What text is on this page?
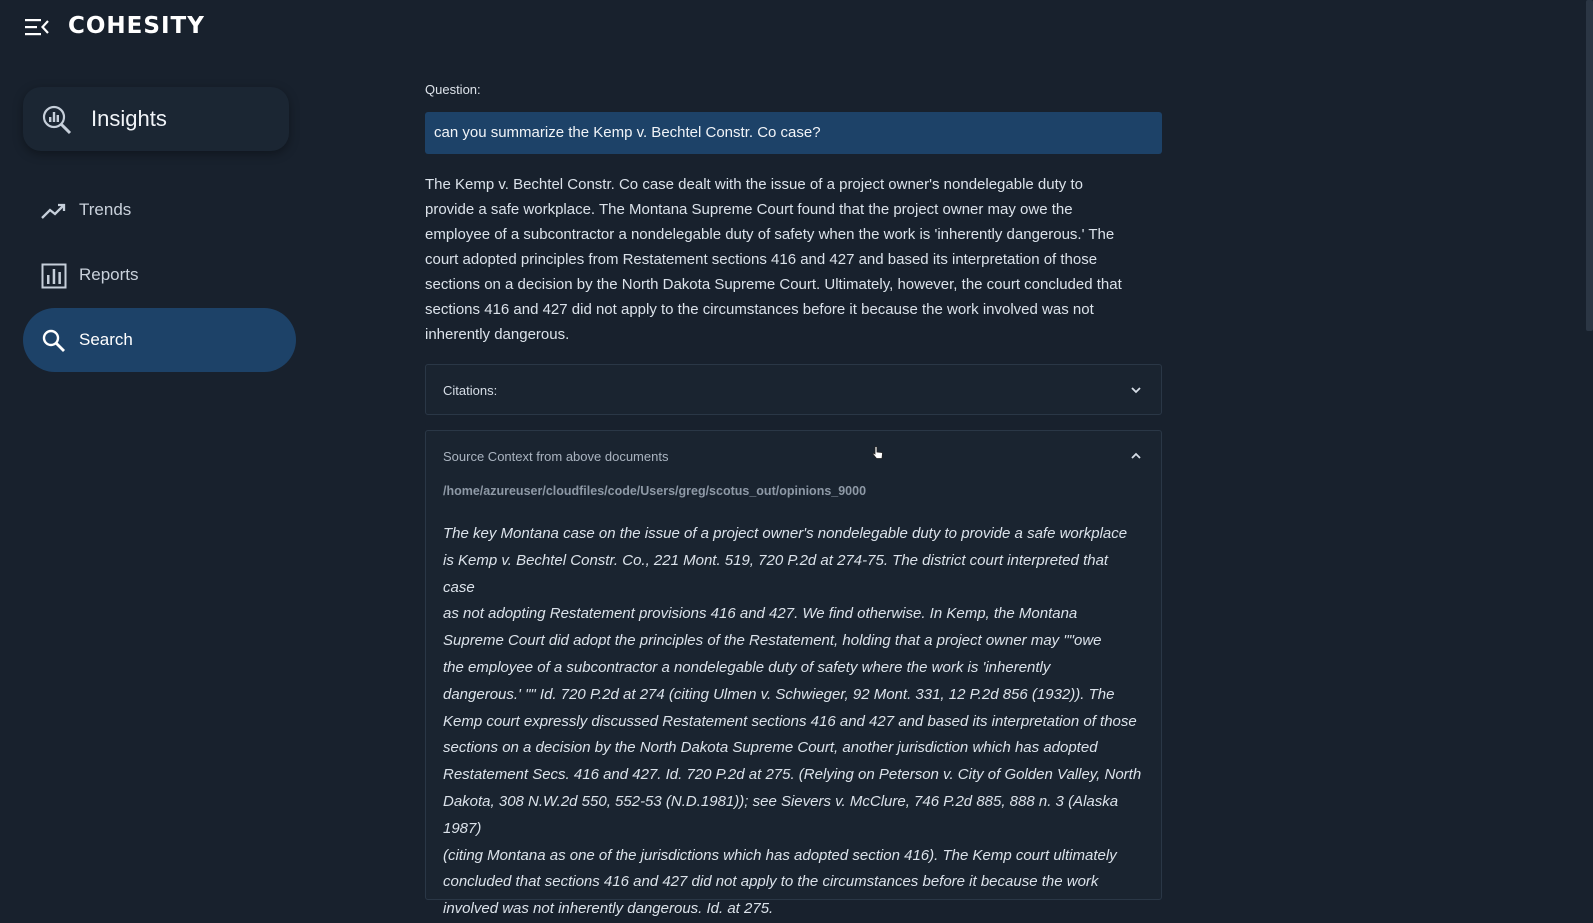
COHESITY
Insights
Trends
Reports
Search
Question:
can you summarize the Kemp v. Bechtel Constr. Co case?
The Kemp v. Bechtel Constr. Co case dealt with the issue of a project owner's nondelegable duty to
provide a safe workplace. The Montana Supreme Court found that the project owner may owe the
employee of a subcontractor a nondelegable duty of safety when the work is 'inherently dangerous.' The
court adopted principles from Restatement sections 416 and 427 and based its interpretation of those
sections on a decision by the North Dakota Supreme Court. Ultimately, however, the court concluded that
sections 416 and 427 did not apply to the circumstances before it because the work involved was not
inherently dangerous.
Citations:
Source Context from above documents
/home/azureuser/cloudfiles/code/Users/greg/scotus_out/opinions_9000
The key Montana case on the issue of a project owner's nondelegable duty to provide a safe workplace
is Kemp v. Bechtel Constr. Co., 221 Mont. 519, 720 P.2d at 274-75. The district court interpreted that case
as not adopting Restatement provisions 416 and 427. We find otherwise. In Kemp, the Montana
Supreme Court did adopt the principles of the Restatement, holding that a project owner may ""owe
the employee of a subcontractor a nondelegable duty of safety where the work is 'inherently
dangerous.' "" Id. 720 P.2d at 274 (citing Ulmen v. Schwieger, 92 Mont. 331, 12 P.2d 856 (1932)). The
Kemp court expressly discussed Restatement sections 416 and 427 and based its interpretation of those
sections on a decision by the North Dakota Supreme Court, another jurisdiction which has adopted
Restatement Secs. 416 and 427. Id. 720 P.2d at 275. (Relying on Peterson v. City of Golden Valley, North
Dakota, 308 N.W.2d 550, 552-53 (N.D.1981)); see Sievers v. McClure, 746 P.2d 885, 888 n. 3 (Alaska 1987)
(citing Montana as one of the jurisdictions which has adopted section 416). The Kemp court ultimately
concluded that sections 416 and 427 did not apply to the circumstances before it because the work
involved was not inherently dangerous. Id. at 275.
